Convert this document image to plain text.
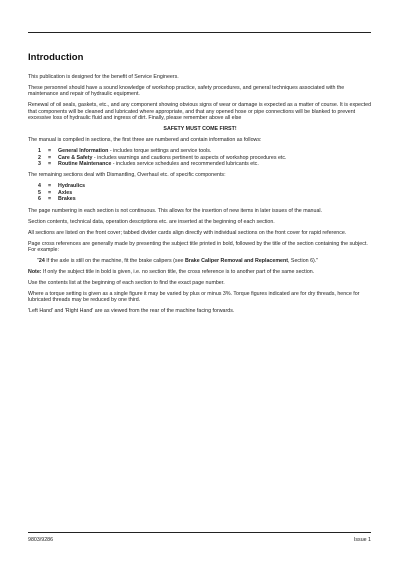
Introduction

This publication is designed for the benefit of Service Engineers.

These personnel should have a sound knowledge of workshop practice, safety procedures, and general techniques associated with the maintenance and repair of hydraulic equipment.

Renewal of oil seals, gaskets, etc., and any component showing obvious signs of wear or damage is expected as a matter of course. It is expected that components will be cleaned and lubricated where appropriate, and that any opened hose or pipe connections will be blanked to prevent excessive loss of hydraulic fluid and ingress of dirt. Finally, please remember above all else

SAFETY MUST COME FIRST!

The manual is compiled in sections, the first three are numbered and contain information as follows:

1	=	General Information - includes torque settings and service tools.
2	=	Care & Safety - includes warnings and cautions pertinent to aspects of workshop procedures etc.
3	=	Routine Maintenance - includes service schedules and recommended lubricants etc.

The remaining sections deal with Dismantling, Overhaul etc. of specific components:

4	=	Hydraulics
5	=	Axles
6	=	Brakes

The page numbering in each section is not continuous. This allows for the insertion of new items in later issues of the manual.

Section contents, technical data, operation descriptions etc. are inserted at the beginning of each section.

All sections are listed on the front cover; tabbed divider cards align directly with individual sections on the front cover for rapid reference.

Page cross references are generally made by presenting the subject title printed in bold, followed by the title of the section containing the subject. For example:

"24 If the axle is still on the machine, fit the brake calipers (see Brake Caliper Removal and Replacement, Section 6)."

Note: If only the subject title in bold is given, i.e. no section title, the cross reference is to another part of the same section.

Use the contents list at the beginning of each section to find the exact page number.

Where a torque setting is given as a single figure it may be varied by plus or minus 3%. Torque figures indicated are for dry threads, hence for lubricated threads may be reduced by one third.

'Left Hand' and 'Right Hand' are as viewed from the rear of the machine facing forwards.

9803/9286	Issue 1
